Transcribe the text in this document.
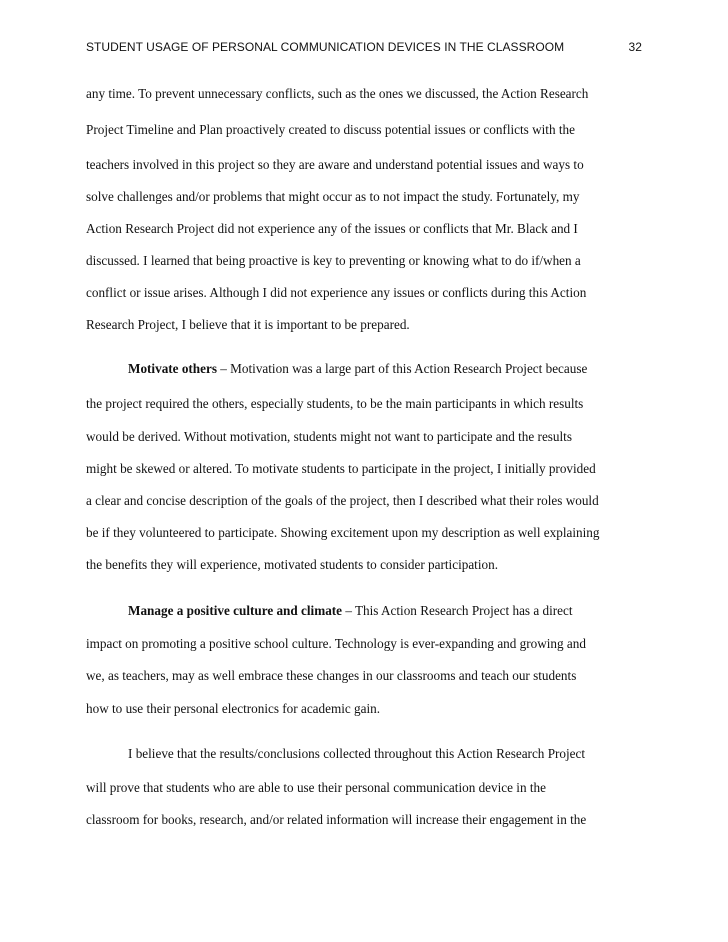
STUDENT USAGE OF PERSONAL COMMUNICATION DEVICES IN THE CLASSROOM	32
any time. To prevent unnecessary conflicts, such as the ones we discussed, the Action Research
Project Timeline and Plan proactively created to discuss potential issues or conflicts with the
teachers involved in this project so they are aware and understand potential issues and ways to
solve challenges and/or problems that might occur as to not impact the study. Fortunately, my
Action Research Project did not experience any of the issues or conflicts that Mr. Black and I
discussed. I learned that being proactive is key to preventing or knowing what to do if/when a
conflict or issue arises. Although I did not experience any issues or conflicts during this Action
Research Project, I believe that it is important to be prepared.
Motivate others – Motivation was a large part of this Action Research Project because
the project required the others, especially students, to be the main participants in which results
would be derived. Without motivation, students might not want to participate and the results
might be skewed or altered. To motivate students to participate in the project, I initially provided
a clear and concise description of the goals of the project, then I described what their roles would
be if they volunteered to participate. Showing excitement upon my description as well explaining
the benefits they will experience, motivated students to consider participation.
Manage a positive culture and climate – This Action Research Project has a direct
impact on promoting a positive school culture. Technology is ever-expanding and growing and
we, as teachers, may as well embrace these changes in our classrooms and teach our students
how to use their personal electronics for academic gain.
I believe that the results/conclusions collected throughout this Action Research Project
will prove that students who are able to use their personal communication device in the
classroom for books, research, and/or related information will increase their engagement in the
